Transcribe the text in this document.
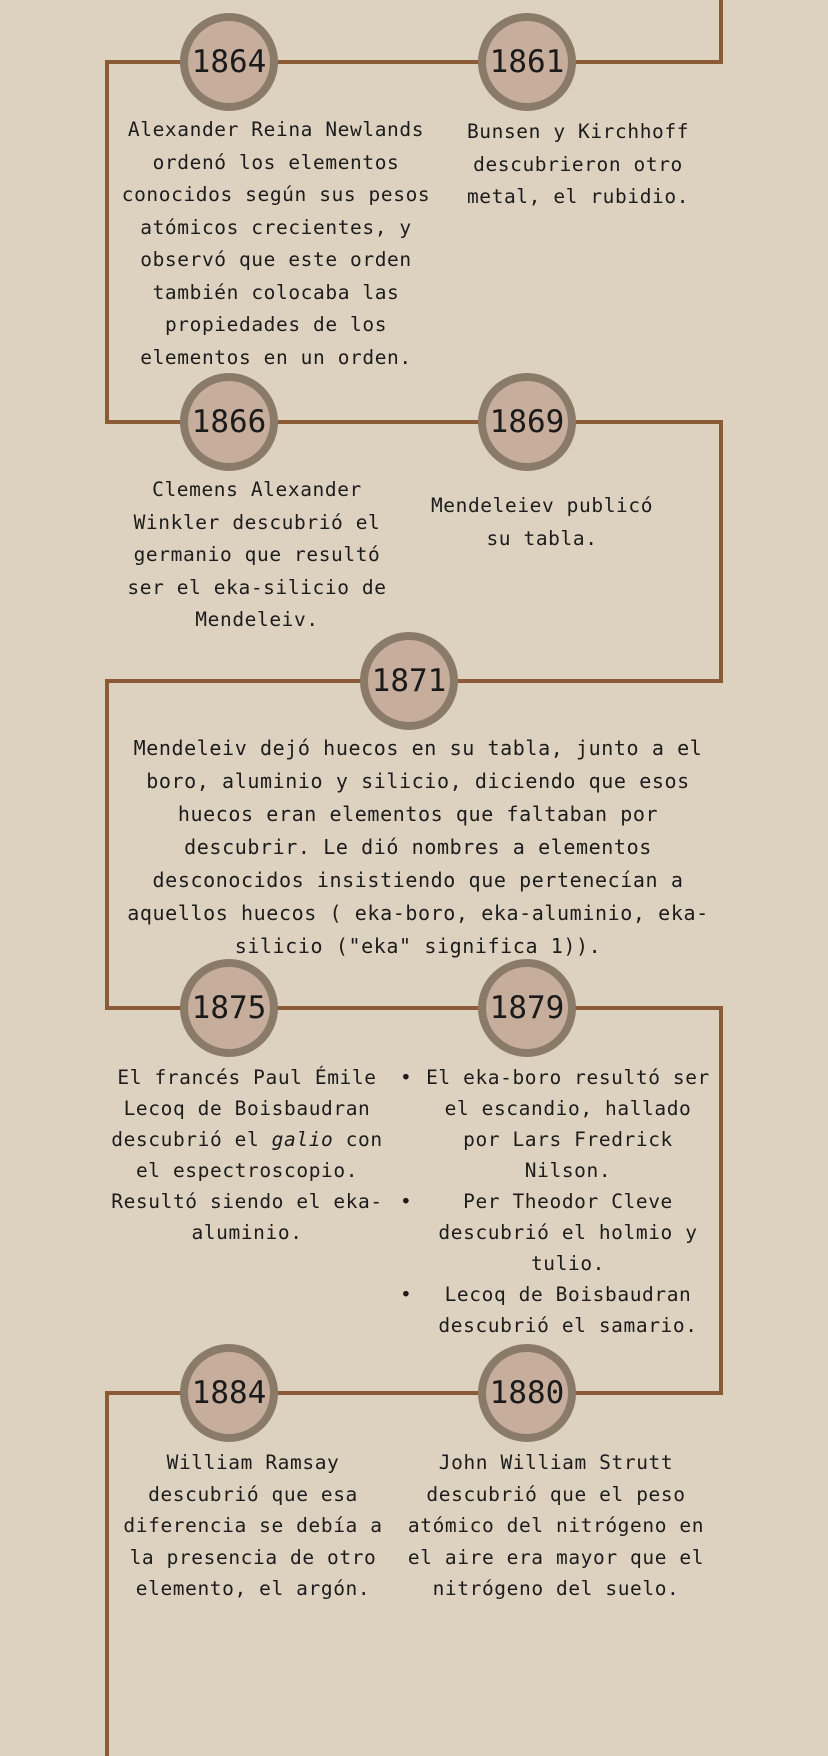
1864	1861

Alexander Reina Newlands ordenó los elementos conocidos según sus pesos atómicos crecientes, y observó que este orden también colocaba las propiedades de los elementos en un orden.

Bunsen y Kirchhoff descubrieron otro metal, el rubidio.

1866	1869

Clemens Alexander Winkler descubrió el germanio que resultó ser el eka-silicio de Mendeleiv.

Mendeleiev publicó su tabla.

1871

Mendeleiv dejó huecos en su tabla, junto a el boro, aluminio y silicio, diciendo que esos huecos eran elementos que faltaban por descubrir. Le dió nombres a elementos desconocidos insistiendo que pertenecían a aquellos huecos ( eka-boro, eka-aluminio, eka-silicio ("eka" significa 1)).

1875	1879

El francés Paul Émile Lecoq de Boisbaudran descubrió el galio con el espectroscopio. Resultó siendo el eka-aluminio.

• El eka-boro resultó ser el escandio, hallado por Lars Fredrick Nilson.
• Per Theodor Cleve descubrió el holmio y tulio.
• Lecoq de Boisbaudran descubrió el samario.
1884	1880

William Ramsay descubrió que esa diferencia se debía a la presencia de otro elemento, el argón.

John William Strutt descubrió que el peso atómico del nitrógeno en el aire era mayor que el nitrógeno del suelo.
